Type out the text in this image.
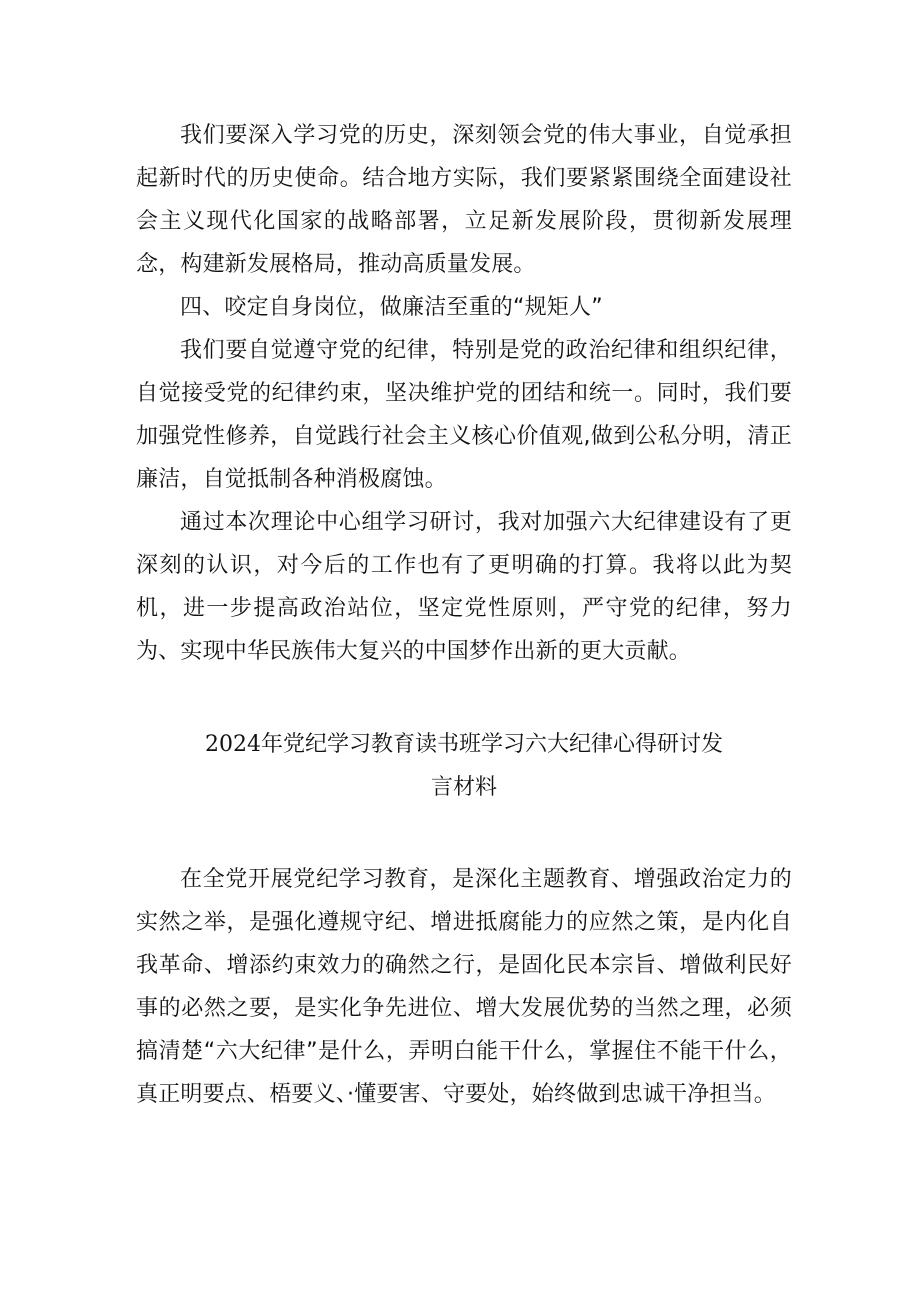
我们要深入学习党的历史，深刻领会党的伟大事业，自觉承担起新时代的历史使命。结合地方实际，我们要紧紧围绕全面建设社会主义现代化国家的战略部署，立足新发展阶段，贯彻新发展理念，构建新发展格局，推动高质量发展。

四、咬定自身岗位，做廉洁至重的“规矩人”

我们要自觉遵守党的纪律，特别是党的政治纪律和组织纪律，自觉接受党的纪律约束，坚决维护党的团结和统一。同时，我们要加强党性修养，自觉践行社会主义核心价值观,做到公私分明，清正廉洁，自觉抵制各种消极腐蚀。

通过本次理论中心组学习研讨，我对加强六大纪律建设有了更深刻的认识，对今后的工作也有了更明确的打算。我将以此为契机，进一步提高政治站位，坚定党性原则，严守党的纪律，努力为、实现中华民族伟大复兴的中国梦作出新的更大贡献。

2024年党纪学习教育读书班学习六大纪律心得研讨发
言材料

在全党开展党纪学习教育，是深化主题教育、增强政治定力的实然之举，是强化遵规守纪、增进抵腐能力的应然之策，是内化自我革命、增添约束效力的确然之行，是固化民本宗旨、增做利民好事的必然之要，是实化争先进位、增大发展优势的当然之理，必须搞清楚“六大纪律”是什么，弄明白能干什么，掌握住不能干什么，真正明要点、梧要义、·懂要害、守要处，始终做到忠诚干净担当。
